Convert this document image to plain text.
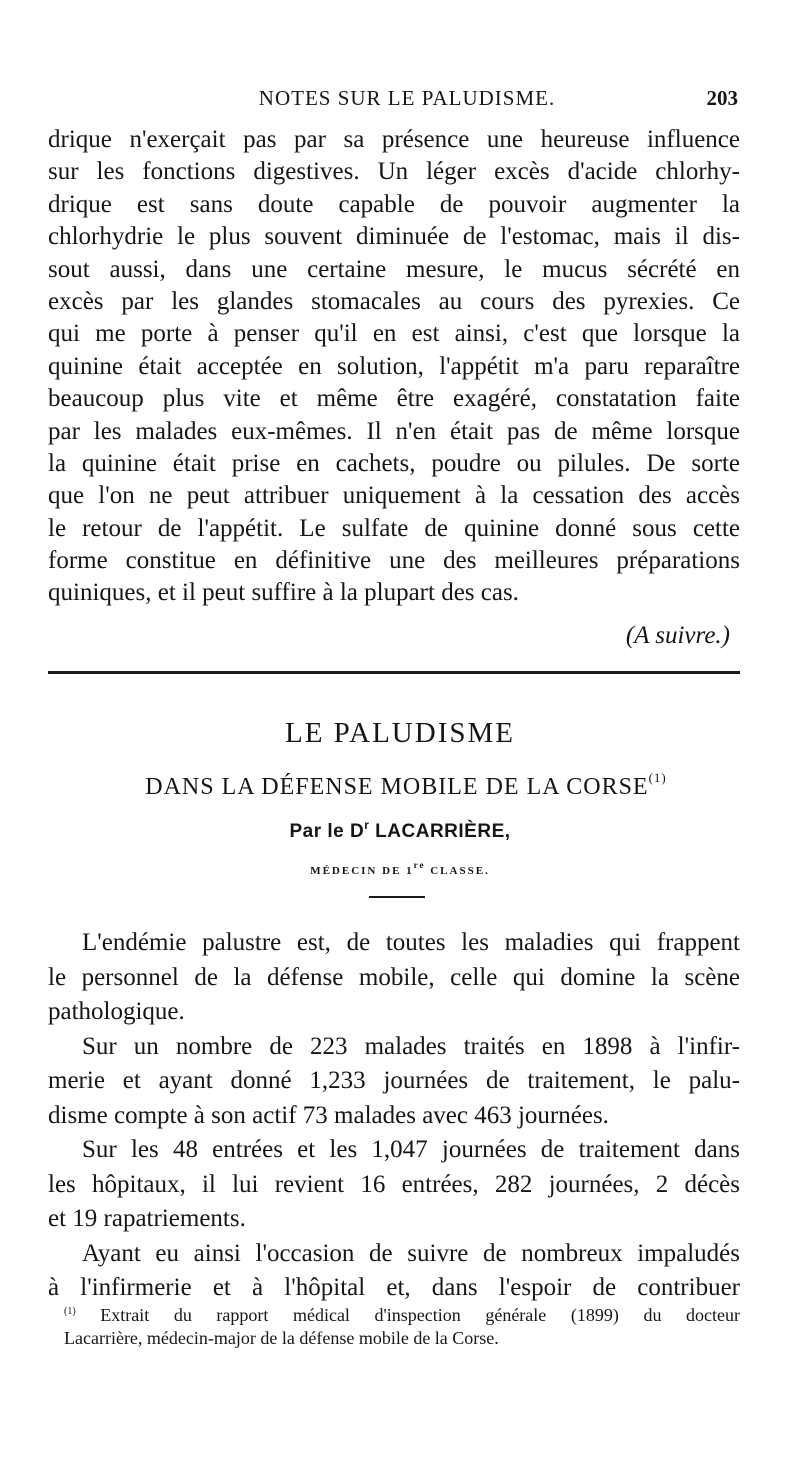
NOTES SUR LE PALUDISME.	203
drique n'exerçait pas par sa présence une heureuse influence
sur les fonctions digestives. Un léger excès d'acide chlorhy-
drique est sans doute capable de pouvoir augmenter la
chlorhydrie le plus souvent diminuée de l'estomac, mais il dis-
sout aussi, dans une certaine mesure, le mucus sécrété en
excès par les glandes stomacales au cours des pyrexies. Ce
qui me porte à penser qu'il en est ainsi, c'est que lorsque la
quinine était acceptée en solution, l'appétit m'a paru reparaître
beaucoup plus vite et même être exagéré, constatation faite
par les malades eux-mêmes. Il n'en était pas de même lorsque
la quinine était prise en cachets, poudre ou pilules. De sorte
que l'on ne peut attribuer uniquement à la cessation des accès
le retour de l'appétit. Le sulfate de quinine donné sous cette
forme constitue en définitive une des meilleures préparations
quiniques, et il peut suffire à la plupart des cas.
(A suivre.)
LE PALUDISME
DANS LA DÉFENSE MOBILE DE LA CORSE$^{(1)}$
Par le $D^r$ LACARRIÈRE,
MÉDECIN DE 1re CLASSE.
L'endémie palustre est, de toutes les maladies qui frappent
le personnel de la défense mobile, celle qui domine la scène
pathologique.
Sur un nombre de 223 malades traités en 1898 à l'infir-
merie et ayant donné 1,233 journées de traitement, le palu-
disme compte à son actif 73 malades avec 463 journées.
Sur les 48 entrées et les 1,047 journées de traitement dans
les hôpitaux, il lui revient 16 entrées, 282 journées, 2 décès
et 19 rapatriements.
Ayant eu ainsi l'occasion de suivre de nombreux impaludés
à l'infirmerie et à l'hôpital et, dans l'espoir de contribuer
$^{(1)}$ Extrait du rapport médical d'inspection générale (1899) du docteur
Lacarrière, médecin-major de la défense mobile de la Corse.
